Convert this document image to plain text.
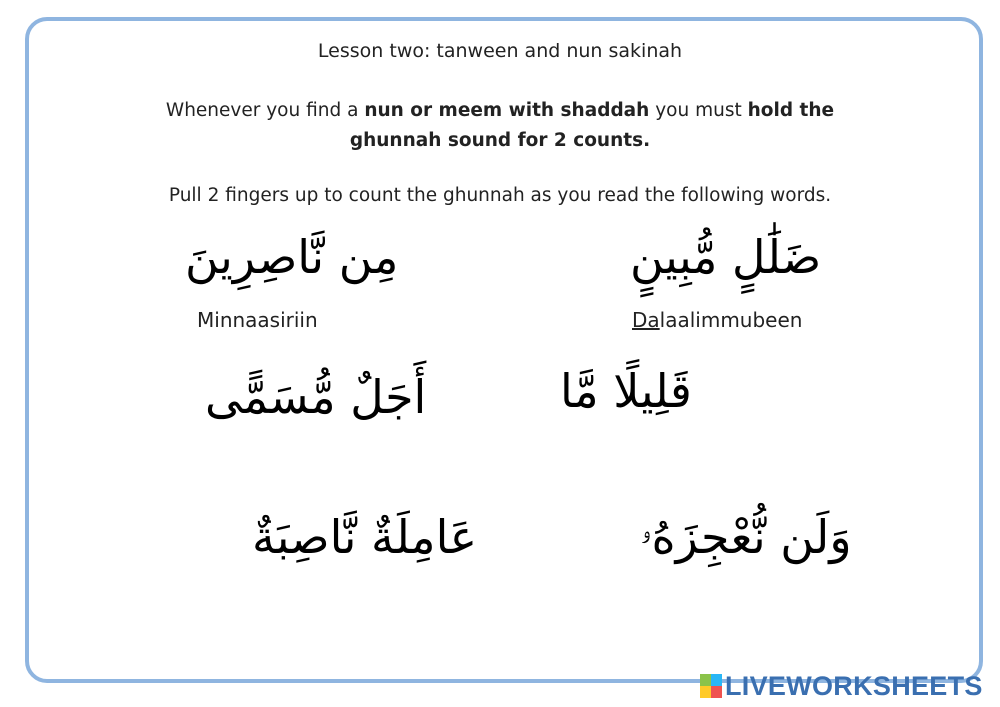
Lesson two: tanween and nun sakinah
Whenever you find a nun or meem with shaddah you must hold the ghunnah sound for 2 counts.
Pull 2 fingers up to count the ghunnah as you read the following words.
مِن نَّاصِرِينَ
Minnaasiriin
ضَلَٰلٍ مُّبِينٍ
Dalaalimmubeen
أَجَلٌ مُّسَمًّى	قَلِيلًا مَّا
عَامِلَةٌ نَّاصِبَةٌ	وَلَن نُّعْجِزَهُۥ
LIVEWORKSHEETS
